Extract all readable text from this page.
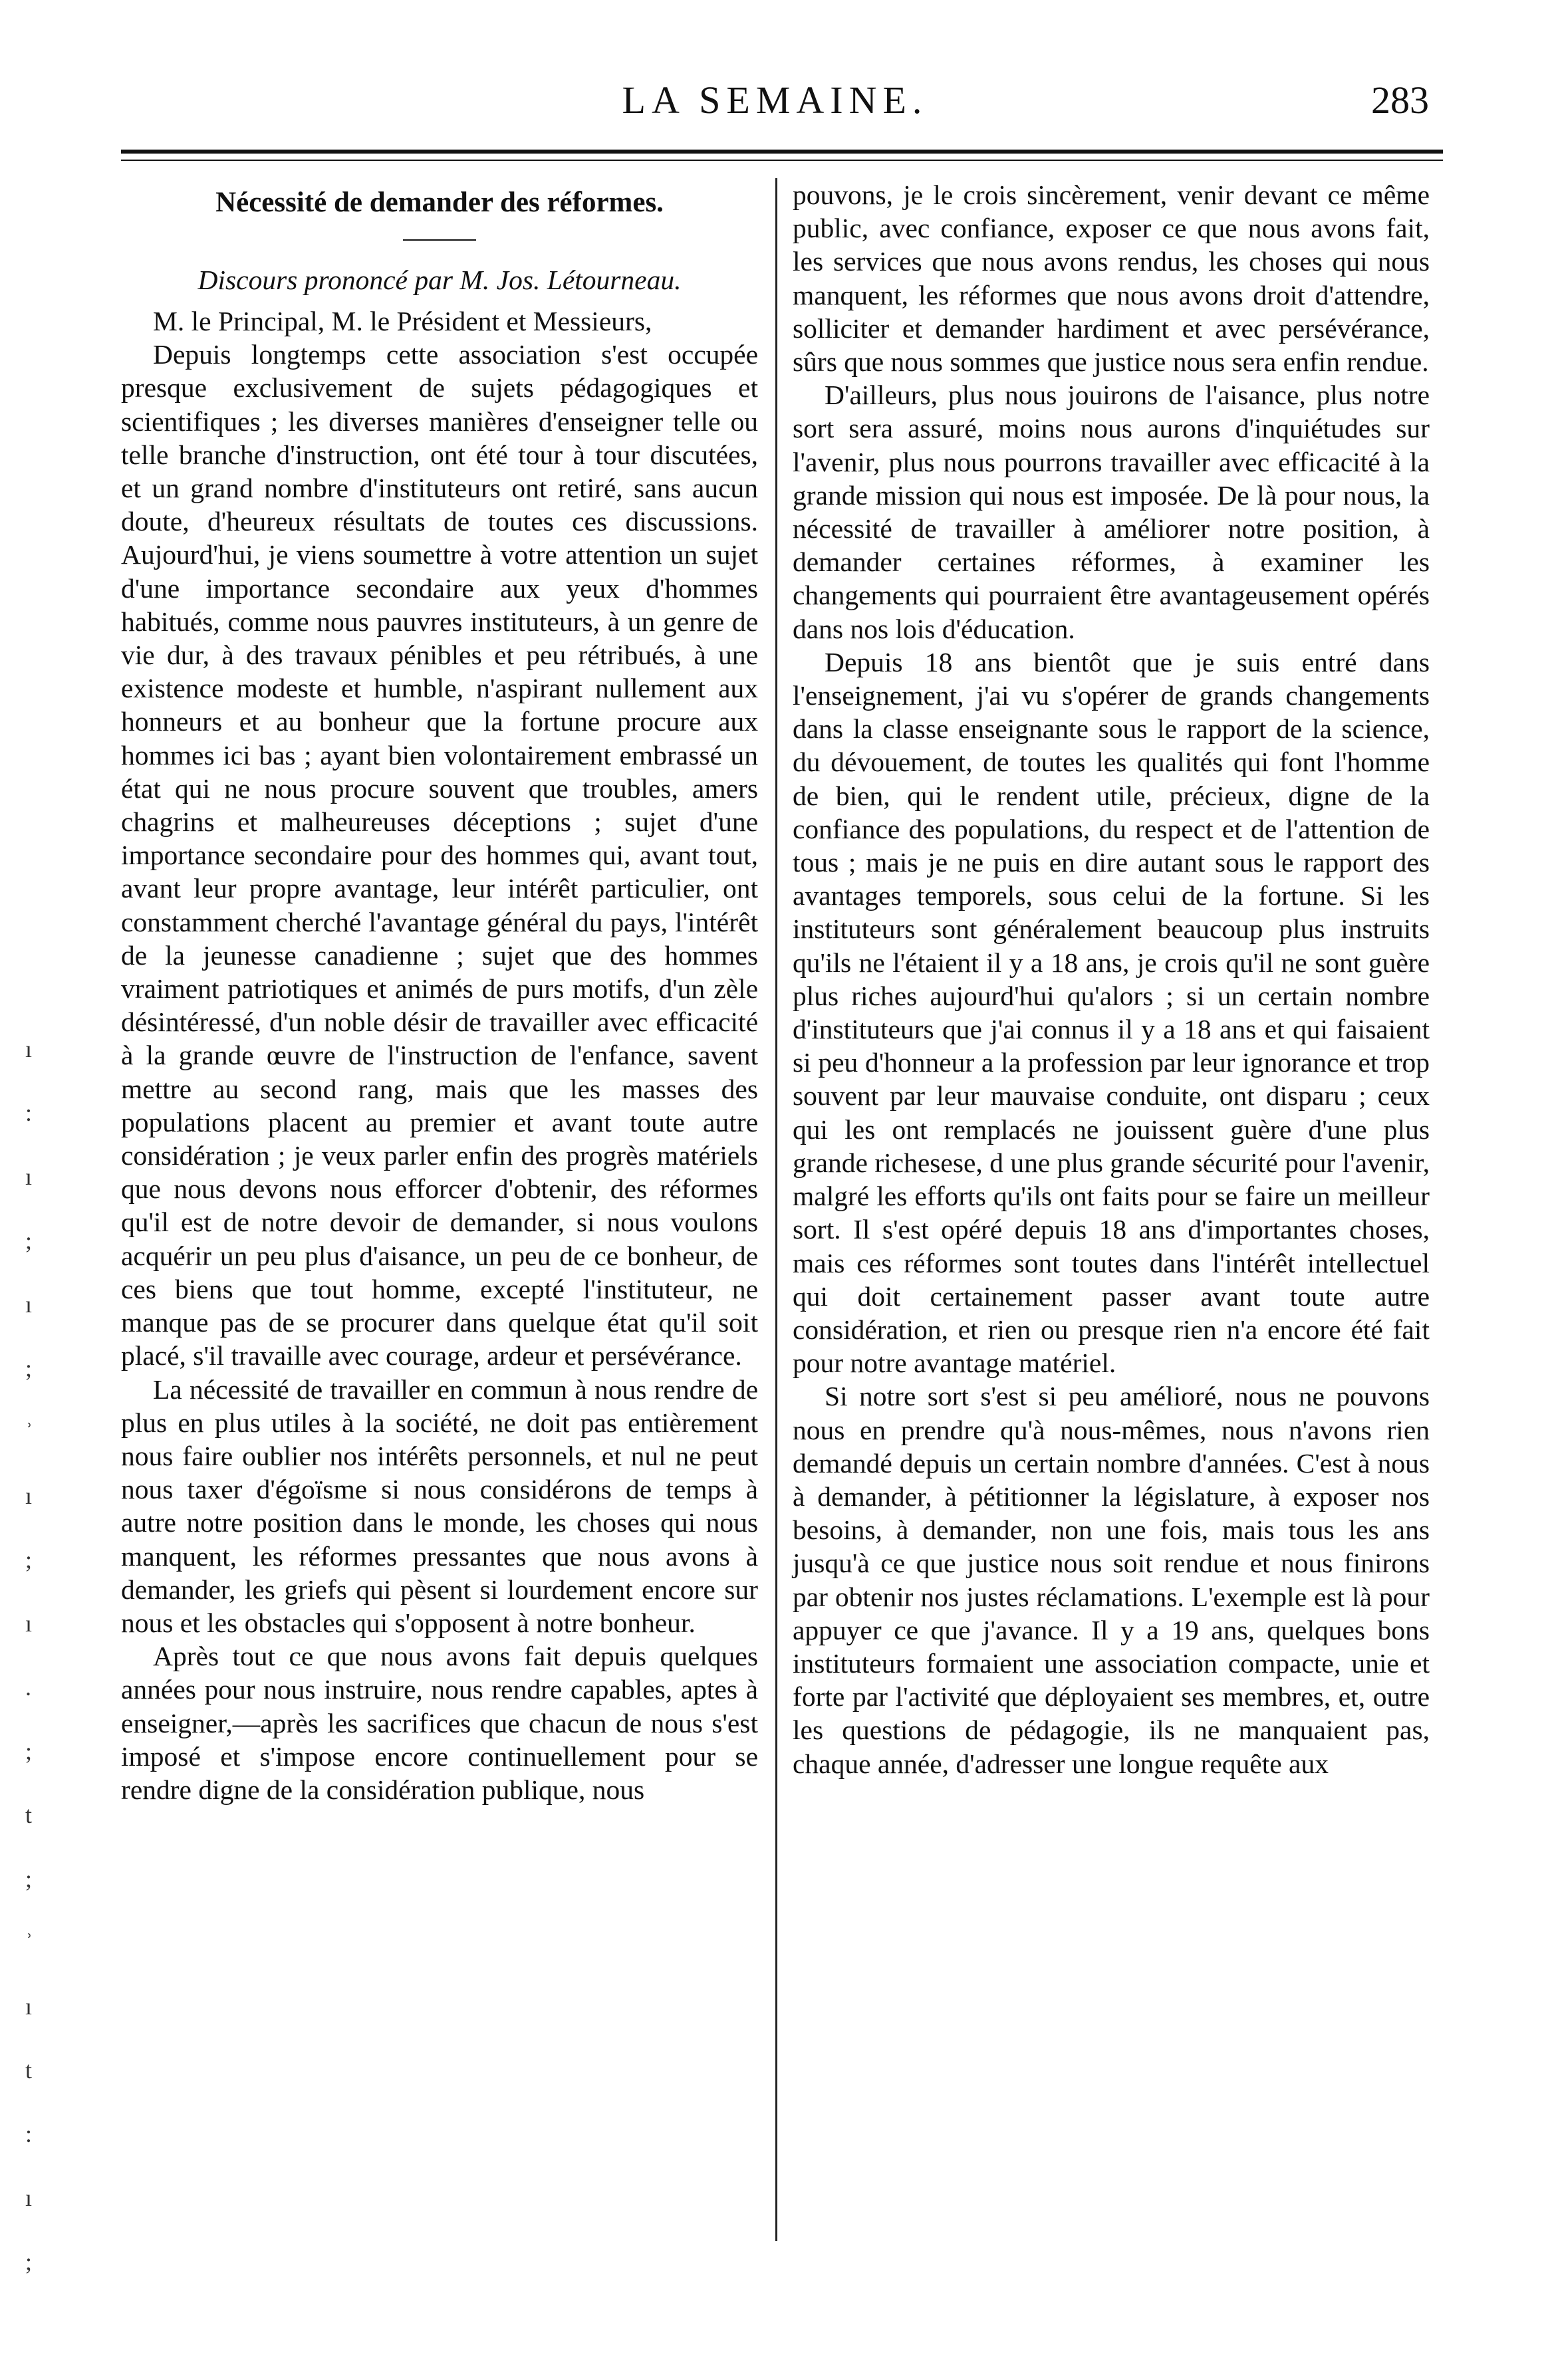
LA SEMAINE.	283
ı
:
ı
;
ı
;
ʾ
ı
;
ı
.
;
t
;
ʾ
ı
t
:
ı
;
Nécessité de demander des réformes.
Discours prononcé par M. Jos. Létourneau.

M. le Principal, M. le Président et Messieurs,

Depuis longtemps cette association s'est occupée presque exclusivement de sujets pédagogiques et scientifiques ; les diverses manières d'enseigner telle ou telle branche d'instruction, ont été tour à tour discutées, et un grand nombre d'instituteurs ont retiré, sans aucun doute, d'heureux résultats de toutes ces discussions. Aujourd'hui, je viens soumettre à votre attention un sujet d'une importance secondaire aux yeux d'hommes habitués, comme nous pauvres instituteurs, à un genre de vie dur, à des travaux pénibles et peu rétribués, à une existence modeste et humble, n'aspirant nullement aux honneurs et au bonheur que la fortune procure aux hommes ici bas ; ayant bien volontairement embrassé un état qui ne nous procure souvent que troubles, amers chagrins et malheureuses déceptions ; sujet d'une importance secondaire pour des hommes qui, avant tout, avant leur propre avantage, leur intérêt particulier, ont constamment cherché l'avantage général du pays, l'intérêt de la jeunesse canadienne ; sujet que des hommes vraiment patriotiques et animés de purs motifs, d'un zèle désintéressé, d'un noble désir de travailler avec efficacité à la grande œuvre de l'instruction de l'enfance, savent mettre au second rang, mais que les masses des populations placent au premier et avant toute autre considération ; je veux parler enfin des progrès matériels que nous devons nous efforcer d'obtenir, des réformes qu'il est de notre devoir de demander, si nous voulons acquérir un peu plus d'aisance, un peu de ce bonheur, de ces biens que tout homme, excepté l'instituteur, ne manque pas de se procurer dans quelque état qu'il soit placé, s'il travaille avec courage, ardeur et persévérance.

La nécessité de travailler en commun à nous rendre de plus en plus utiles à la société, ne doit pas entièrement nous faire oublier nos intérêts personnels, et nul ne peut nous taxer d'égoïsme si nous considérons de temps à autre notre position dans le monde, les choses qui nous manquent, les réformes pressantes que nous avons à demander, les griefs qui pèsent si lourdement encore sur nous et les obstacles qui s'opposent à notre bonheur.

Après tout ce que nous avons fait depuis quelques années pour nous instruire, nous rendre capables, aptes à enseigner,—après les sacrifices que chacun de nous s'est imposé et s'impose encore continuellement pour se rendre digne de la considération publique, nous

pouvons, je le crois sincèrement, venir devant ce même public, avec confiance, exposer ce que nous avons fait, les services que nous avons rendus, les choses qui nous manquent, les réformes que nous avons droit d'attendre, solliciter et demander hardiment et avec persévérance, sûrs que nous sommes que justice nous sera enfin rendue.

D'ailleurs, plus nous jouirons de l'aisance, plus notre sort sera assuré, moins nous aurons d'inquiétudes sur l'avenir, plus nous pourrons travailler avec efficacité à la grande mission qui nous est imposée. De là pour nous, la nécessité de travailler à améliorer notre position, à demander certaines réformes, à examiner les changements qui pourraient être avantageusement opérés dans nos lois d'éducation.

Depuis 18 ans bientôt que je suis entré dans l'enseignement, j'ai vu s'opérer de grands changements dans la classe enseignante sous le rapport de la science, du dévouement, de toutes les qualités qui font l'homme de bien, qui le rendent utile, précieux, digne de la confiance des populations, du respect et de l'attention de tous ; mais je ne puis en dire autant sous le rapport des avantages temporels, sous celui de la fortune. Si les instituteurs sont généralement beaucoup plus instruits qu'ils ne l'étaient il y a 18 ans, je crois qu'il ne sont guère plus riches aujourd'hui qu'alors ; si un certain nombre d'instituteurs que j'ai connus il y a 18 ans et qui faisaient si peu d'honneur a la profession par leur ignorance et trop souvent par leur mauvaise conduite, ont disparu ; ceux qui les ont remplacés ne jouissent guère d'une plus grande richesese, d une plus grande sécurité pour l'avenir, malgré les efforts qu'ils ont faits pour se faire un meilleur sort. Il s'est opéré depuis 18 ans d'importantes choses, mais ces réformes sont toutes dans l'intérêt intellectuel qui doit certainement passer avant toute autre considération, et rien ou presque rien n'a encore été fait pour notre avantage matériel.

Si notre sort s'est si peu amélioré, nous ne pouvons nous en prendre qu'à nous-mêmes, nous n'avons rien demandé depuis un certain nombre d'années. C'est à nous à demander, à pétitionner la législature, à exposer nos besoins, à demander, non une fois, mais tous les ans jusqu'à ce que justice nous soit rendue et nous finirons par obtenir nos justes réclamations. L'exemple est là pour appuyer ce que j'avance. Il y a 19 ans, quelques bons instituteurs formaient une association compacte, unie et forte par l'activité que déployaient ses membres, et, outre les questions de pédagogie, ils ne manquaient pas, chaque année, d'adresser une longue requête aux
